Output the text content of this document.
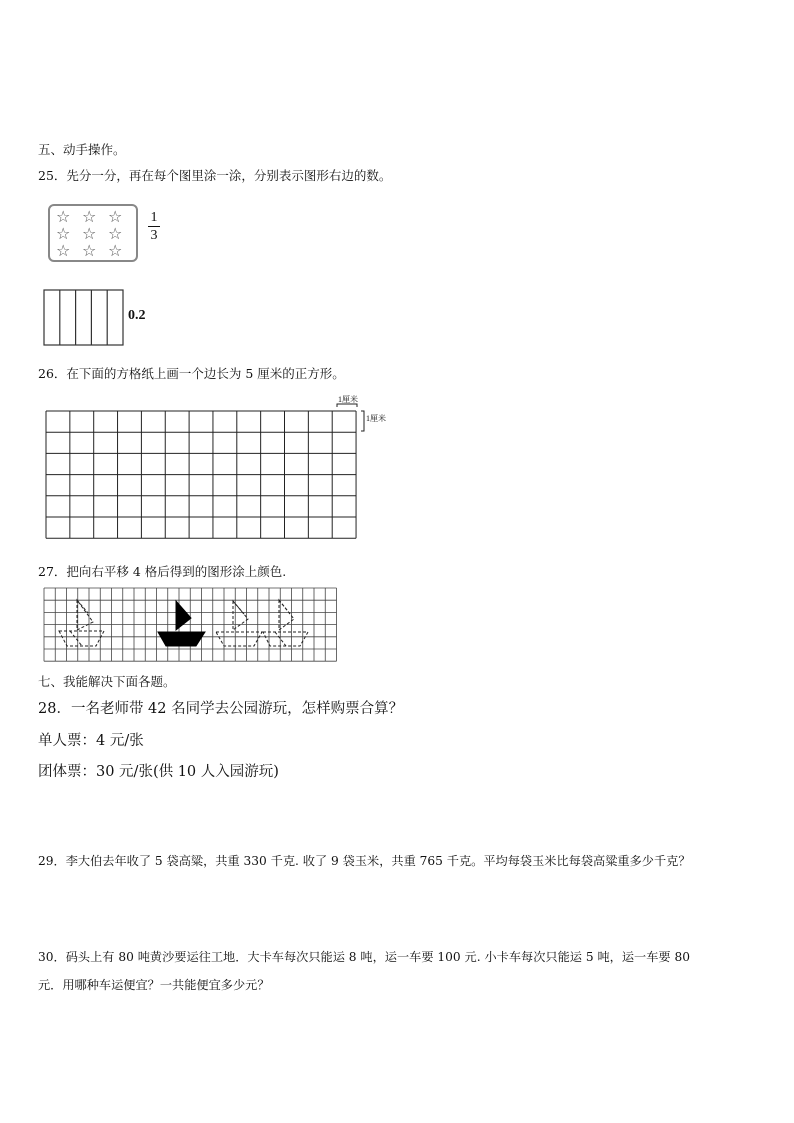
五、动手操作。
25．先分一分，再在每个图里涂一涂，分别表示图形右边的数。
☆ ☆ ☆
☆ ☆ ☆
☆ ☆ ☆
1
3
0.2
26．在下面的方格纸上画一个边长为 5 厘米的正方形。
1厘米
1厘米
27．把向右平移 4 格后得到的图形涂上颜色.
七、我能解决下面各题。
28．一名老师带 42 名同学去公园游玩，怎样购票合算？
单人票：4 元/张
团体票：30 元/张(供 10 人入园游玩)
29．李大伯去年收了 5 袋高粱，共重 330 千克. 收了 9 袋玉米，共重 765 千克。平均每袋玉米比每袋高粱重多少千克？
30．码头上有 80 吨黄沙要运往工地．大卡车每次只能运 8 吨，运一车要 100 元. 小卡车每次只能运 5 吨，运一车要 80
元．用哪种车运便宜？一共能便宜多少元？
